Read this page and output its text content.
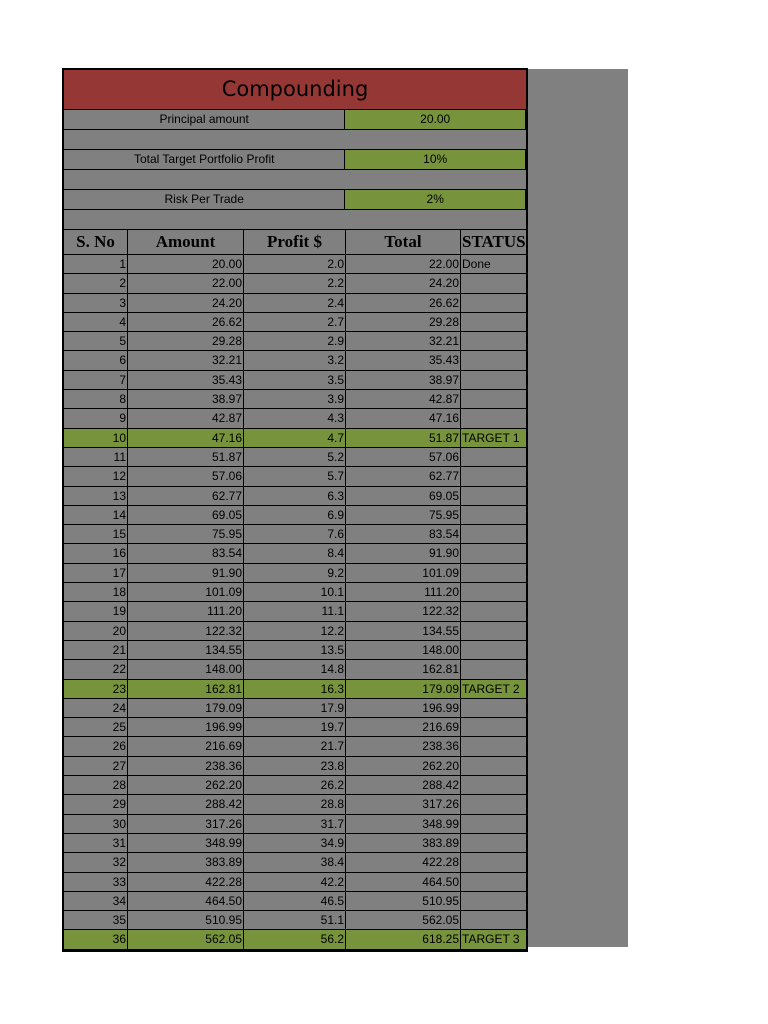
Compounding
Principal amount	20.00
Total Target Portfolio Profit	10%
Risk Per Trade	2%
S. No	Amount	Profit $	Total	STATUS
1	20.00	2.0	22.00 Done
2	22.00	2.2	24.20
3	24.20	2.4	26.62
4	26.62	2.7	29.28
5	29.28	2.9	32.21
6	32.21	3.2	35.43
7	35.43	3.5	38.97
8	38.97	3.9	42.87
9	42.87	4.3	47.16
10	47.16	4.7	51.87 TARGET 1
11	51.87	5.2	57.06
12	57.06	5.7	62.77
13	62.77	6.3	69.05
14	69.05	6.9	75.95
15	75.95	7.6	83.54
16	83.54	8.4	91.90
17	91.90	9.2	101.09
18	101.09	10.1	111.20
19	111.20	11.1	122.32
20	122.32	12.2	134.55
21	134.55	13.5	148.00
22	148.00	14.8	162.81
23	162.81	16.3	179.09 TARGET 2
24	179.09	17.9	196.99
25	196.99	19.7	216.69
26	216.69	21.7	238.36
27	238.36	23.8	262.20
28	262.20	26.2	288.42
29	288.42	28.8	317.26
30	317.26	31.7	348.99
31	348.99	34.9	383.89
32	383.89	38.4	422.28
33	422.28	42.2	464.50
34	464.50	46.5	510.95
35	510.95	51.1	562.05
36	562.05	56.2	618.25 TARGET 3
